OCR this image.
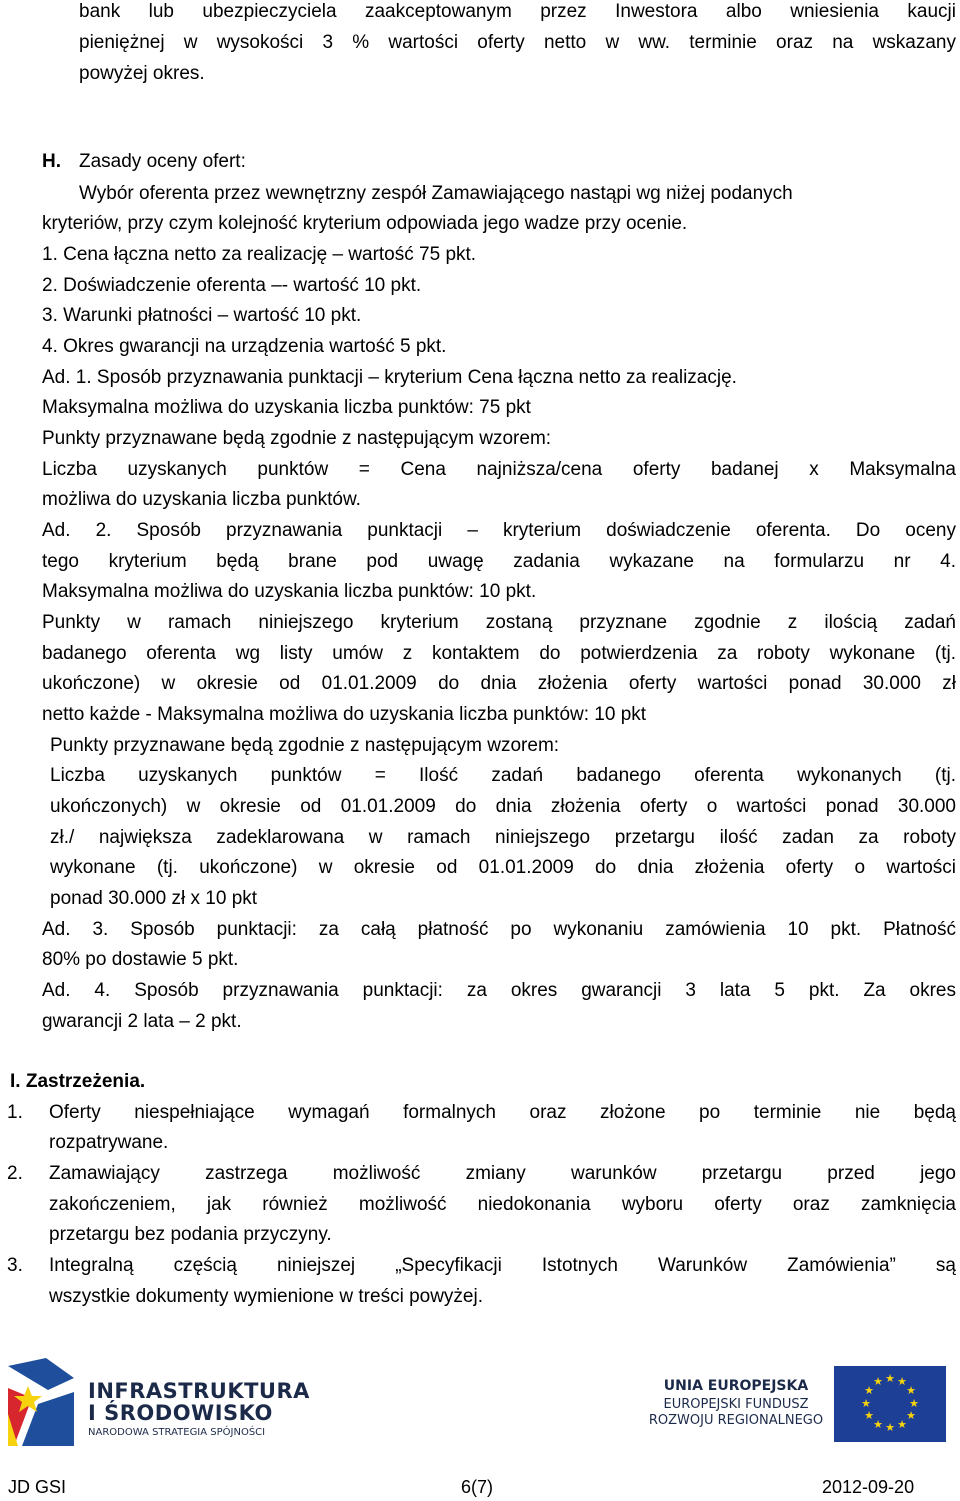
bank lub ubezpieczyciela zaakceptowanym przez Inwestora albo wniesienia kaucji
pieniężnej w wysokości 3 % wartości oferty netto w ww. terminie oraz na wskazany
powyżej okres.
H. Zasady oceny ofert:
Wybór oferenta przez wewnętrzny zespół Zamawiającego nastąpi wg niżej podanych
kryteriów, przy czym kolejność kryterium odpowiada jego wadze przy ocenie.
1. Cena łączna netto za realizację – wartość 75 pkt.
2. Doświadczenie oferenta –- wartość 10 pkt.
3. Warunki płatności – wartość 10 pkt.
4. Okres gwarancji na urządzenia wartość 5 pkt.
Ad. 1. Sposób przyznawania punktacji – kryterium Cena łączna netto za realizację.
Maksymalna możliwa do uzyskania liczba punktów: 75 pkt
Punkty przyznawane będą zgodnie z następującym wzorem:
Liczba uzyskanych punktów = Cena najniższa/cena oferty badanej x Maksymalna
możliwa do uzyskania liczba punktów.
Ad. 2. Sposób przyznawania punktacji – kryterium doświadczenie oferenta. Do oceny
tego kryterium będą brane pod uwagę zadania wykazane na formularzu nr 4.
Maksymalna możliwa do uzyskania liczba punktów: 10 pkt.
Punkty w ramach niniejszego kryterium zostaną przyznane zgodnie z ilością zadań
badanego oferenta wg listy umów z kontaktem do potwierdzenia za roboty wykonane (tj.
ukończone) w okresie od 01.01.2009 do dnia złożenia oferty wartości ponad 30.000 zł
netto każde - Maksymalna możliwa do uzyskania liczba punktów: 10 pkt
Punkty przyznawane będą zgodnie z następującym wzorem:
Liczba uzyskanych punktów = Ilość zadań badanego oferenta wykonanych (tj.
ukończonych) w okresie od 01.01.2009 do dnia złożenia oferty o wartości ponad 30.000
zł./ największa zadeklarowana w ramach niniejszego przetargu ilość zadan za roboty
wykonane (tj. ukończone) w okresie od 01.01.2009 do dnia złożenia oferty o wartości
ponad 30.000 zł x 10 pkt
Ad. 3. Sposób punktacji: za całą płatność po wykonaniu zamówienia 10 pkt. Płatność
80% po dostawie 5 pkt.
Ad. 4. Sposób przyznawania punktacji: za okres gwarancji 3 lata 5 pkt. Za okres
gwarancji 2 lata – 2 pkt.
I. Zastrzeżenia.
1. Oferty niespełniające wymagań formalnych oraz złożone po terminie nie będą
rozpatrywane.
2. Zamawiający zastrzega możliwość zmiany warunków przetargu przed jego
zakończeniem, jak również możliwość niedokonania wyboru oferty oraz zamknięcia
przetargu bez podania przyczyny.
3. Integralną częścią niniejszej „Specyfikacji Istotnych Warunków Zamówienia” są
wszystkie dokumenty wymienione w treści powyżej.
INFRASTRUKTURA
I ŚRODOWISKO
NARODOWA STRATEGIA SPÓJNOŚCI
UNIA EUROPEJSKA
EUROPEJSKI FUNDUSZ
ROZWOJU REGIONALNEGO
★ ★
★
★
★
★
★
★
★
★
★
★
JD GSI	6(7)	2012-09-20
